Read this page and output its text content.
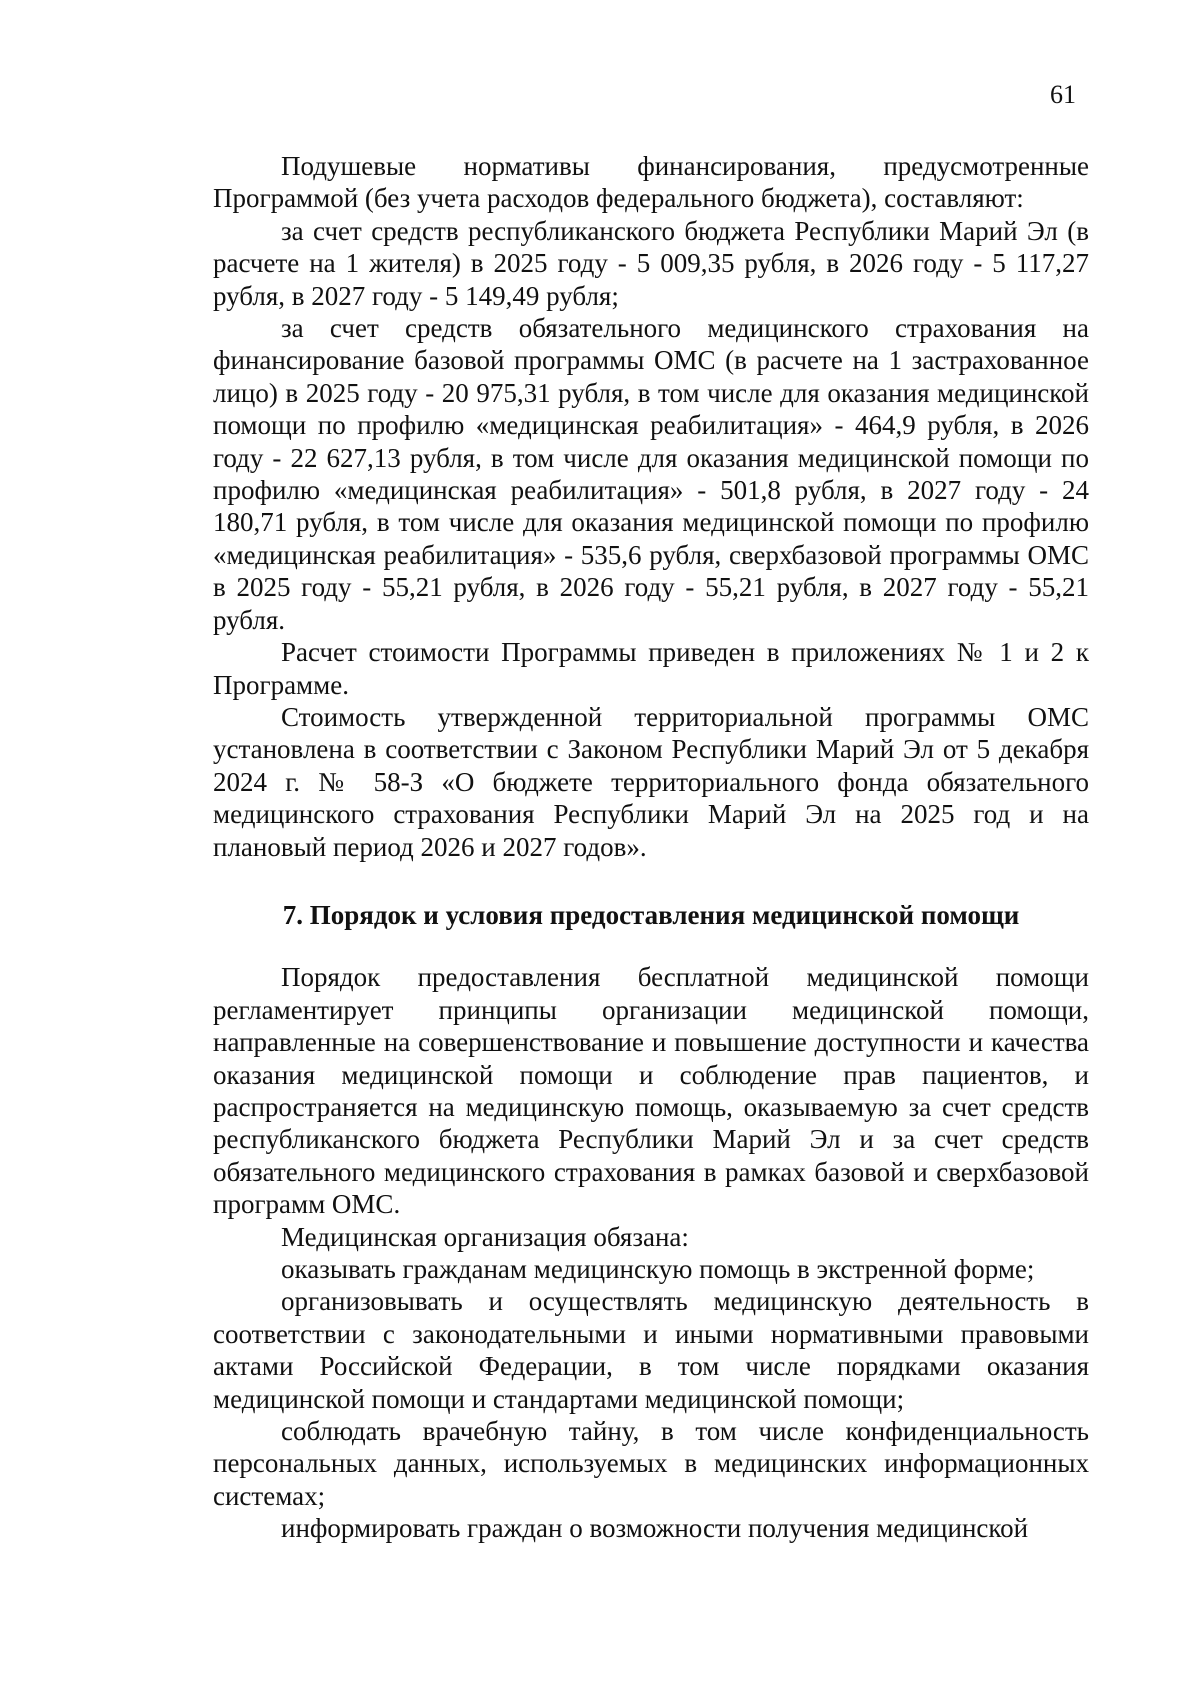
61

Подушевые нормативы финансирования, предусмотренные Программой (без учета расходов федерального бюджета), составляют:

за счет средств республиканского бюджета Республики Марий Эл (в расчете на 1 жителя) в 2025 году - 5 009,35 рубля, в 2026 году - 5 117,27 рубля, в 2027 году - 5 149,49 рубля;

за счет средств обязательного медицинского страхования на финансирование базовой программы ОМС (в расчете на 1 застрахованное лицо) в 2025 году - 20 975,31 рубля, в том числе для оказания медицинской помощи по профилю «медицинская реабилитация» - 464,9 рубля, в 2026 году - 22 627,13 рубля, в том числе для оказания медицинской помощи по профилю «медицинская реабилитация» - 501,8 рубля, в 2027 году - 24 180,71 рубля, в том числе для оказания медицинской помощи по профилю «медицинская реабилитация» - 535,6 рубля, сверхбазовой программы ОМС в 2025 году - 55,21 рубля, в 2026 году - 55,21 рубля, в 2027 году - 55,21 рубля.

Расчет стоимости Программы приведен в приложениях № 1 и 2 к Программе.

Стоимость утвержденной территориальной программы ОМС установлена в соответствии с Законом Республики Марий Эл от 5 декабря 2024 г. № 58-З «О бюджете территориального фонда обязательного медицинского страхования Республики Марий Эл на 2025 год и на плановый период 2026 и 2027 годов».

7. Порядок и условия предоставления медицинской помощи

Порядок предоставления бесплатной медицинской помощи регламентирует принципы организации медицинской помощи, направленные на совершенствование и повышение доступности и качества оказания медицинской помощи и соблюдение прав пациентов, и распространяется на медицинскую помощь, оказываемую за счет средств республиканского бюджета Республики Марий Эл и за счет средств обязательного медицинского страхования в рамках базовой и сверхбазовой программ ОМС.

Медицинская организация обязана:

оказывать гражданам медицинскую помощь в экстренной форме;

организовывать и осуществлять медицинскую деятельность в соответствии с законодательными и иными нормативными правовыми актами Российской Федерации, в том числе порядками оказания медицинской помощи и стандартами медицинской помощи;

соблюдать врачебную тайну, в том числе конфиденциальность персональных данных, используемых в медицинских информационных системах;

информировать граждан о возможности получения медицинской
